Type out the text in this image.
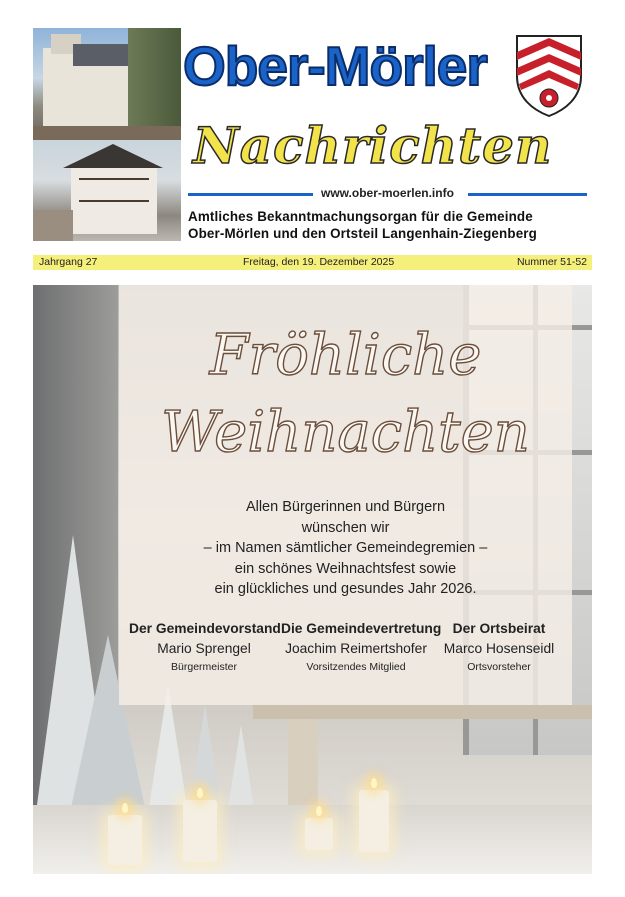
Ober-Mörler
Nachrichten
www.ober-moerlen.info
Amtliches Bekanntmachungsorgan für die Gemeinde
Ober-Mörlen und den Ortsteil Langenhain-Ziegenberg
Jahrgang 27	Freitag, den 19. Dezember 2025	Nummer 51-52
Fröhliche
Weihnachten
Allen Bürgerinnen und Bürgern
wünschen wir
– im Namen sämtlicher Gemeindegremien –
ein schönes Weihnachtsfest sowie
ein glückliches und gesundes Jahr 2026.
Der Gemeindevorstand
Mario Sprengel
Bürgermeister
Die Gemeindevertretung
Joachim Reimertshofer
Vorsitzendes Mitglied
Der Ortsbeirat
Marco Hosenseidl
Ortsvorsteher
